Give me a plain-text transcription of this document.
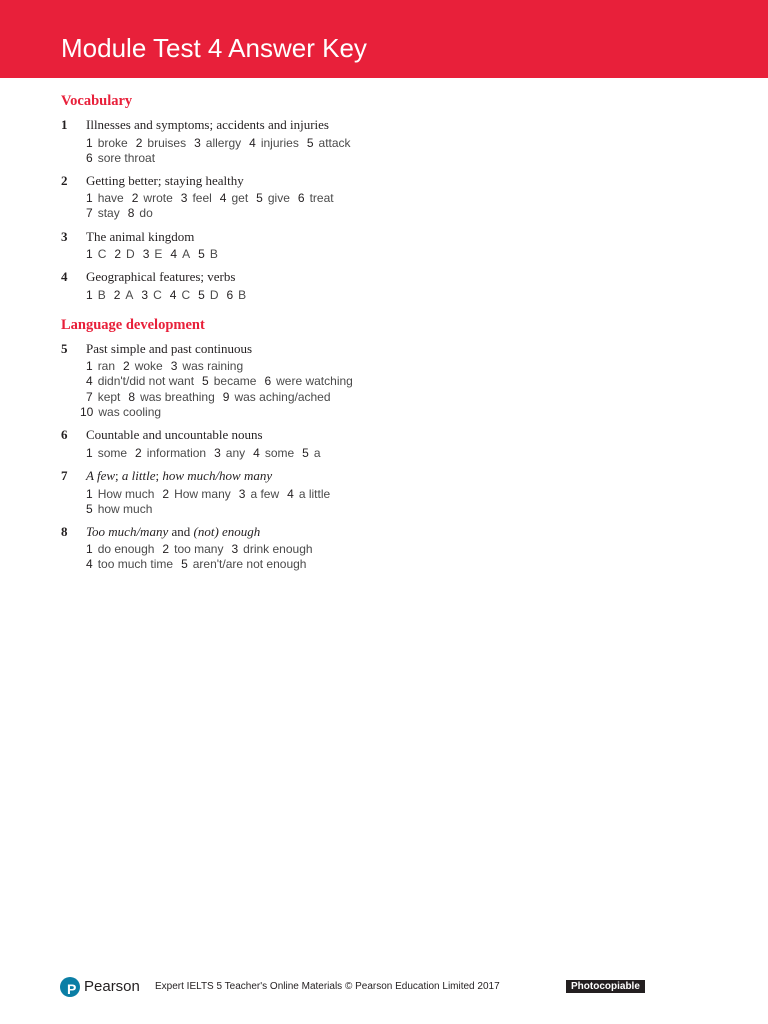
Module Test 4 Answer Key
Vocabulary
1 Illnesses and symptoms; accidents and injuries
1 broke 2 bruises 3 allergy 4 injuries 5 attack
6 sore throat
2 Getting better; staying healthy
1 have 2 wrote 3 feel 4 get 5 give 6 treat
7 stay 8 do
3 The animal kingdom
1 C 2 D 3 E 4 A 5 B
4 Geographical features; verbs
1 B 2 A 3 C 4 C 5 D 6 B
Language development
5 Past simple and past continuous
1 ran 2 woke 3 was raining
4 didn't/did not want 5 became 6 were watching
7 kept 8 was breathing 9 was aching/ached
10 was cooling
6 Countable and uncountable nouns
1 some 2 information 3 any 4 some 5 a
7 A few; a little; how much/how many
1 How much 2 How many 3 a few 4 a little
5 how much
8 Too much/many and (not) enough
1 do enough 2 too many 3 drink enough
4 too much time 5 aren't/are not enough
P Pearson Expert IELTS 5 Teacher's Online Materials © Pearson Education Limited 2017	Photocopiable
